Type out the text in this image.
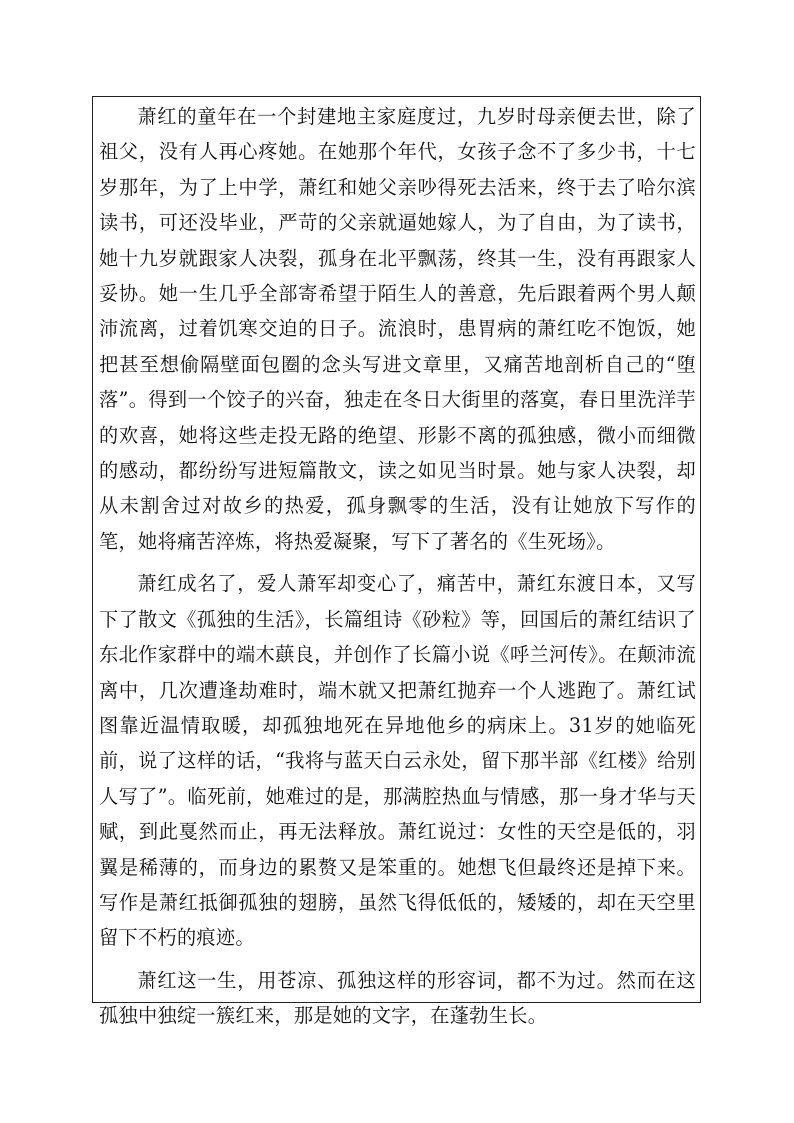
萧红的童年在一个封建地主家庭度过，九岁时母亲便去世，除了祖父，没有人再心疼她。在她那个年代，女孩子念不了多少书，十七岁那年，为了上中学，萧红和她父亲吵得死去活来，终于去了哈尔滨读书，可还没毕业，严苛的父亲就逼她嫁人，为了自由，为了读书，她十九岁就跟家人决裂，孤身在北平飘荡，终其一生，没有再跟家人妥协。她一生几乎全部寄希望于陌生人的善意，先后跟着两个男人颠沛流离，过着饥寒交迫的日子。流浪时，患胃病的萧红吃不饱饭，她把甚至想偷隔壁面包圈的念头写进文章里，又痛苦地剖析自己的“堕落”。得到一个饺子的兴奋，独走在冬日大街里的落寞，春日里洗洋芋的欢喜，她将这些走投无路的绝望、形影不离的孤独感，微小而细微的感动，都纷纷写进短篇散文，读之如见当时景。她与家人决裂，却从未割舍过对故乡的热爱，孤身飘零的生活，没有让她放下写作的笔，她将痛苦淬炼，将热爱凝聚，写下了著名的《生死场》。

萧红成名了，爱人萧军却变心了，痛苦中，萧红东渡日本，又写下了散文《孤独的生活》，长篇组诗《砂粒》等，回国后的萧红结识了东北作家群中的端木蕻良，并创作了长篇小说《呼兰河传》。在颠沛流离中，几次遭逢劫难时，端木就又把萧红抛弃一个人逃跑了。萧红试图靠近温情取暖，却孤独地死在异地他乡的病床上。31岁的她临死前，说了这样的话，“我将与蓝天白云永处，留下那半部《红楼》给别人写了”。临死前，她难过的是，那满腔热血与情感，那一身才华与天赋，到此戛然而止，再无法释放。萧红说过：女性的天空是低的，羽翼是稀薄的，而身边的累赘又是笨重的。她想飞但最终还是掉下来。写作是萧红抵御孤独的翅膀，虽然飞得低低的，矮矮的，却在天空里留下不朽的痕迹。

萧红这一生，用苍凉、孤独这样的形容词，都不为过。然而在这孤独中独绽一簇红来，那是她的文字，在蓬勃生长。
